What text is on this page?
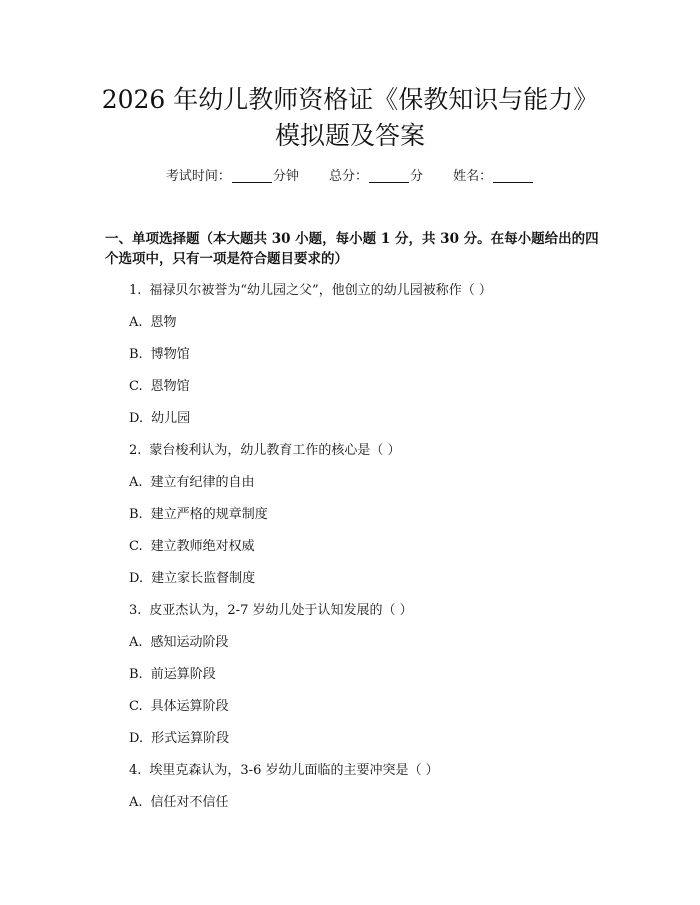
2026 年幼儿教师资格证《保教知识与能力》
模拟题及答案
考试时间：	分钟 总分：	分 姓名：
一、单项选择题（本大题共 30 小题，每小题 1 分，共 30 分。在每小题给出的四
个选项中，只有一项是符合题目要求的）
1. 福禄贝尔被誉为“幼儿园之父”，他创立的幼儿园被称作（ ）
A. 恩物
B. 博物馆
C. 恩物馆
D. 幼儿园
2. 蒙台梭利认为，幼儿教育工作的核心是（ ）
A. 建立有纪律的自由
B. 建立严格的规章制度
C. 建立教师绝对权威
D. 建立家长监督制度
3. 皮亚杰认为，2-7 岁幼儿处于认知发展的（ ）
A. 感知运动阶段
B. 前运算阶段
C. 具体运算阶段
D. 形式运算阶段
4. 埃里克森认为，3-6 岁幼儿面临的主要冲突是（ ）
A. 信任对不信任
